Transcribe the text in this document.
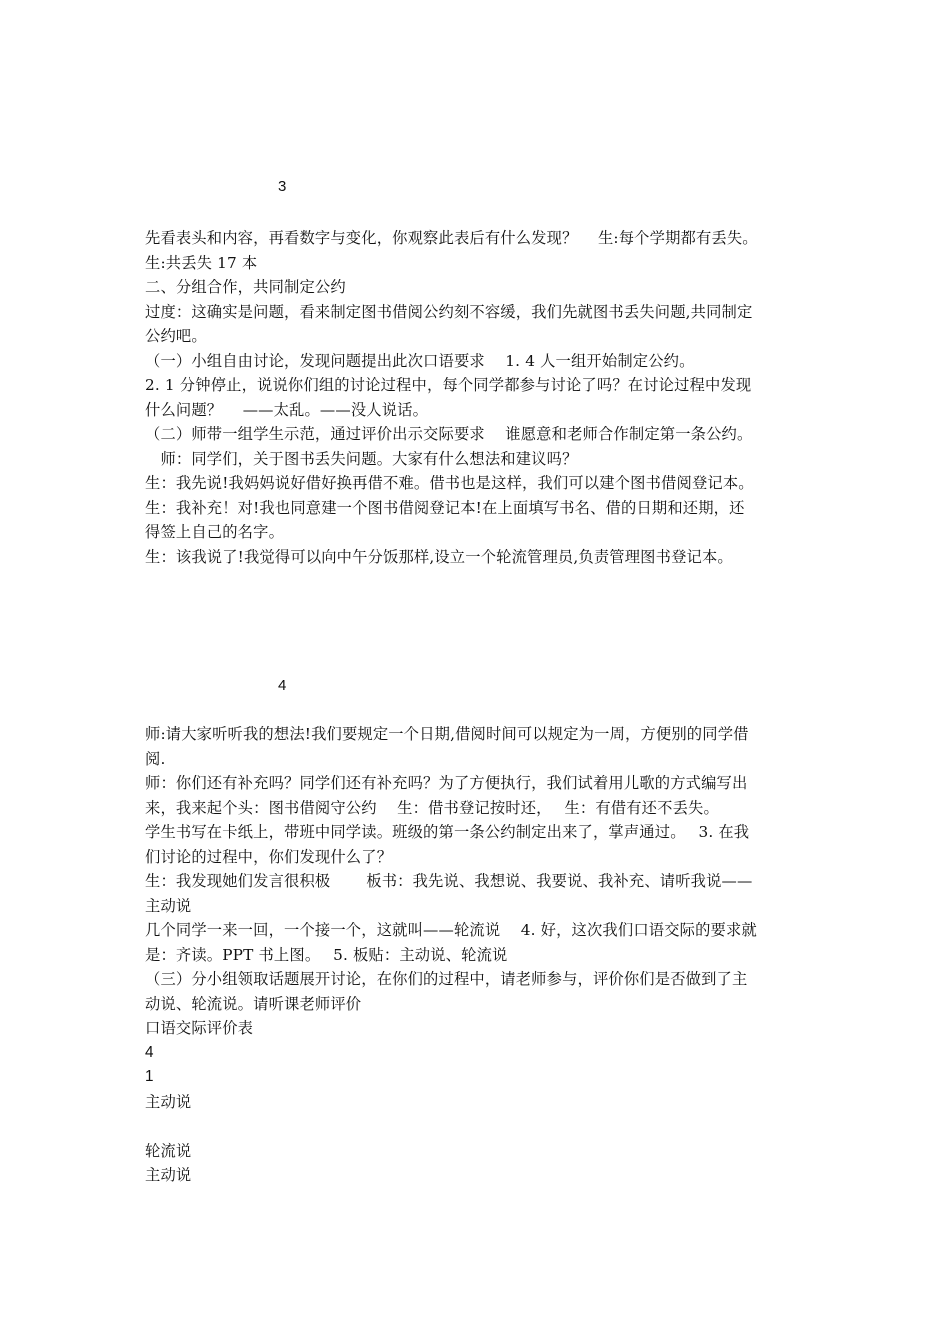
3
先看表头和内容，再看数字与变化，你观察此表后有什么发现？　 生:每个学期都有丢失。
生:共丢失 17 本
二、分组合作，共同制定公约
过度：这确实是问题，看来制定图书借阅公约刻不容缓，我们先就图书丢失问题,共同制定
公约吧。
（一）小组自由讨论，发现问题提出此次口语要求　 1. 4 人一组开始制定公约。
2. 1 分钟停止，说说你们组的讨论过程中，每个同学都参与讨论了吗？在讨论过程中发现
什么问题？　 ——太乱。——没人说话。
（二）师带一组学生示范，通过评价出示交际要求　 谁愿意和老师合作制定第一条公约。
　师：同学们，关于图书丢失问题。大家有什么想法和建议吗？
生：我先说!我妈妈说好借好换再借不难。借书也是这样，我们可以建个图书借阅登记本。
生：我补充！对!我也同意建一个图书借阅登记本!在上面填写书名、借的日期和还期，还
得签上自己的名字。
生：该我说了!我觉得可以向中午分饭那样,设立一个轮流管理员,负责管理图书登记本。
4
师:请大家听听我的想法!我们要规定一个日期,借阅时间可以规定为一周，方便别的同学借
阅.
师：你们还有补充吗？同学们还有补充吗？为了方便执行，我们试着用儿歌的方式编写出
来，我来起个头：图书借阅守公约　 生：借书登记按时还，　 生：有借有还不丢失。
学生书写在卡纸上，带班中同学读。班级的第一条公约制定出来了，掌声通过。　 3. 在我
们讨论的过程中，你们发现什么了？
生：我发现她们发言很积极　　 板书：我先说、我想说、我要说、我补充、请听我说——
主动说
几个同学一来一回，一个接一个，这就叫——轮流说　 4. 好，这次我们口语交际的要求就
是：齐读。PPT 书上图。　 5. 板贴：主动说、轮流说
（三）分小组领取话题展开讨论，在你们的过程中，请老师参与，评价你们是否做到了主
动说、轮流说。请听课老师评价
口语交际评价表
4
1
主动说
轮流说
主动说
